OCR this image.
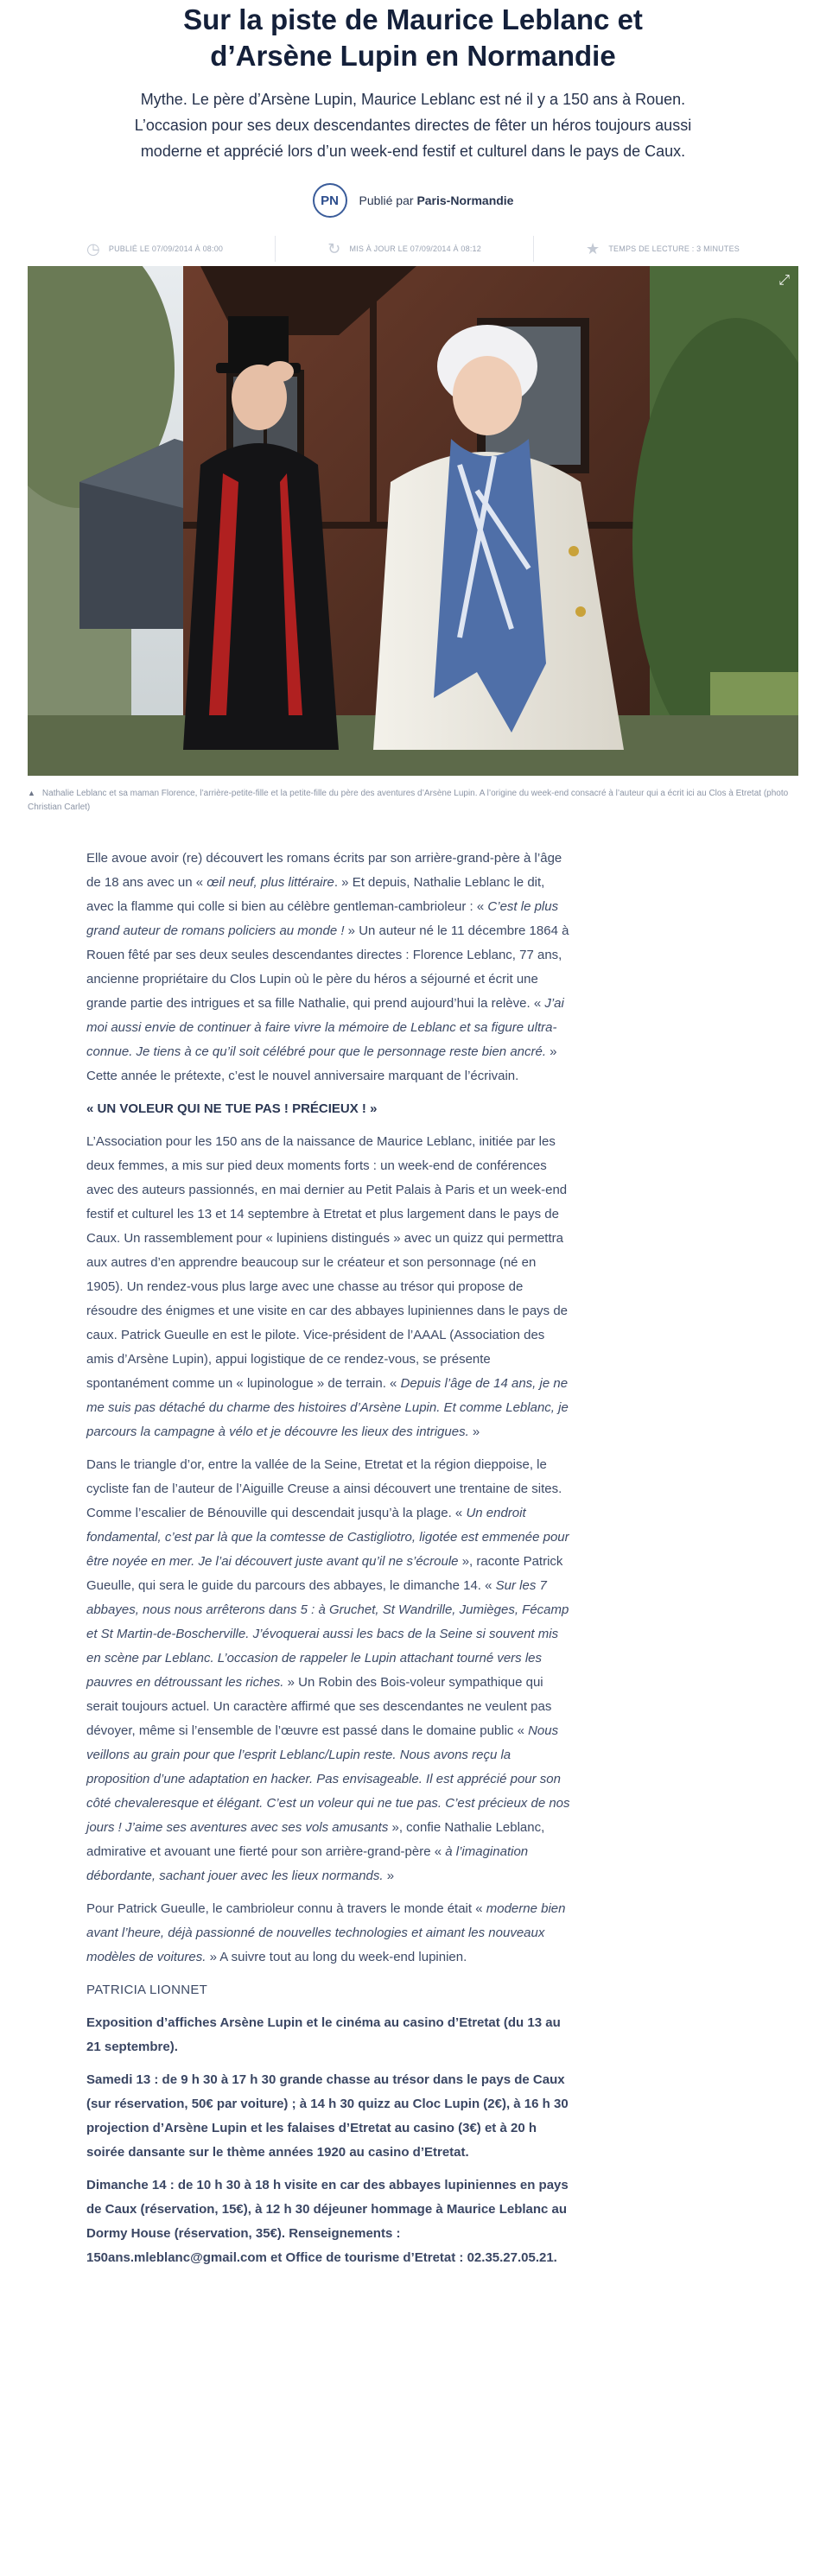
Sur la piste de Maurice Leblanc et
d’Arsène Lupin en Normandie

Mythe. Le père d’Arsène Lupin, Maurice Leblanc est né il y a 150 ans à Rouen. L’occasion pour ses deux descendantes directes de fêter un héros toujours aussi moderne et apprécié lors d’un week-end festif et culturel dans le pays de Caux.

PN Publié par Paris-Normandie
◷ PUBLIÉ LE 07/09/2014 À 08:00	↻ MIS À JOUR LE 07/09/2014 À 08:12	★ TEMPS DE LECTURE : 3 MINUTES
⤢
▲ Nathalie Leblanc et sa maman Florence, l’arrière-petite-fille et la petite-fille du père des aventures d’Arsène Lupin. A l’origine du week-end consacré à l’auteur qui a écrit ici au Clos à Etretat (photo Christian Carlet)

Elle avoue avoir (re) découvert les romans écrits par son arrière-grand-père à l’âge de 18 ans avec un « œil neuf, plus littéraire. » Et depuis, Nathalie Leblanc le dit, avec la flamme qui colle si bien au célèbre gentleman-cambrioleur : « C’est le plus grand auteur de romans policiers au monde ! » Un auteur né le 11 décembre 1864 à Rouen fêté par ses deux seules descendantes directes : Florence Leblanc, 77 ans, ancienne propriétaire du Clos Lupin où le père du héros a séjourné et écrit une grande partie des intrigues et sa fille Nathalie, qui prend aujourd’hui la relève. « J’ai moi aussi envie de continuer à faire vivre la mémoire de Leblanc et sa figure ultra-connue. Je tiens à ce qu’il soit célébré pour que le personnage reste bien ancré. » Cette année le prétexte, c’est le nouvel anniversaire marquant de l’écrivain.

« UN VOLEUR QUI NE TUE PAS ! PRÉCIEUX ! »

L’Association pour les 150 ans de la naissance de Maurice Leblanc, initiée par les deux femmes, a mis sur pied deux moments forts : un week-end de conférences avec des auteurs passionnés, en mai dernier au Petit Palais à Paris et un week-end festif et culturel les 13 et 14 septembre à Etretat et plus largement dans le pays de Caux. Un rassemblement pour « lupiniens distingués » avec un quizz qui permettra aux autres d’en apprendre beaucoup sur le créateur et son personnage (né en 1905). Un rendez-vous plus large avec une chasse au trésor qui propose de résoudre des énigmes et une visite en car des abbayes lupiniennes dans le pays de caux. Patrick Gueulle en est le pilote. Vice-président de l’AAAL (Association des amis d’Arsène Lupin), appui logistique de ce rendez-vous, se présente spontanément comme un « lupinologue » de terrain. « Depuis l’âge de 14 ans, je ne me suis pas détaché du charme des histoires d’Arsène Lupin. Et comme Leblanc, je parcours la campagne à vélo et je découvre les lieux des intrigues. »

Dans le triangle d’or, entre la vallée de la Seine, Etretat et la région dieppoise, le cycliste fan de l’auteur de l’Aiguille Creuse a ainsi découvert une trentaine de sites. Comme l’escalier de Bénouville qui descendait jusqu’à la plage. « Un endroit fondamental, c’est par là que la comtesse de Castigliotro, ligotée est emmenée pour être noyée en mer. Je l’ai découvert juste avant qu’il ne s’écroule », raconte Patrick Gueulle, qui sera le guide du parcours des abbayes, le dimanche 14. « Sur les 7 abbayes, nous nous arrêterons dans 5 : à Gruchet, St Wandrille, Jumièges, Fécamp et St Martin-de-Boscherville. J’évoquerai aussi les bacs de la Seine si souvent mis en scène par Leblanc. L’occasion de rappeler le Lupin attachant tourné vers les pauvres en détroussant les riches. » Un Robin des Bois-voleur sympathique qui serait toujours actuel. Un caractère affirmé que ses descendantes ne veulent pas dévoyer, même si l’ensemble de l’œuvre est passé dans le domaine public « Nous veillons au grain pour que l’esprit Leblanc/Lupin reste. Nous avons reçu la proposition d’une adaptation en hacker. Pas envisageable. Il est apprécié pour son côté chevaleresque et élégant. C’est un voleur qui ne tue pas. C’est précieux de nos jours ! J’aime ses aventures avec ses vols amusants », confie Nathalie Leblanc, admirative et avouant une fierté pour son arrière-grand-père « à l’imagination débordante, sachant jouer avec les lieux normands. »

Pour Patrick Gueulle, le cambrioleur connu à travers le monde était « moderne bien avant l’heure, déjà passionné de nouvelles technologies et aimant les nouveaux modèles de voitures. » A suivre tout au long du week-end lupinien.

PATRICIA LIONNET

Exposition d’affiches Arsène Lupin et le cinéma au casino d’Etretat (du 13 au 21 septembre).

Samedi 13 : de 9 h 30 à 17 h 30 grande chasse au trésor dans le pays de Caux (sur réservation, 50€ par voiture) ; à 14 h 30 quizz au Cloc Lupin (2€), à 16 h 30 projection d’Arsène Lupin et les falaises d’Etretat au casino (3€) et à 20 h soirée dansante sur le thème années 1920 au casino d’Etretat.

Dimanche 14 : de 10 h 30 à 18 h visite en car des abbayes lupiniennes en pays de Caux (réservation, 15€), à 12 h 30 déjeuner hommage à Maurice Leblanc au Dormy House (réservation, 35€). Renseignements : 150ans.mleblanc@gmail.com et Office de tourisme d’Etretat : 02.35.27.05.21.
